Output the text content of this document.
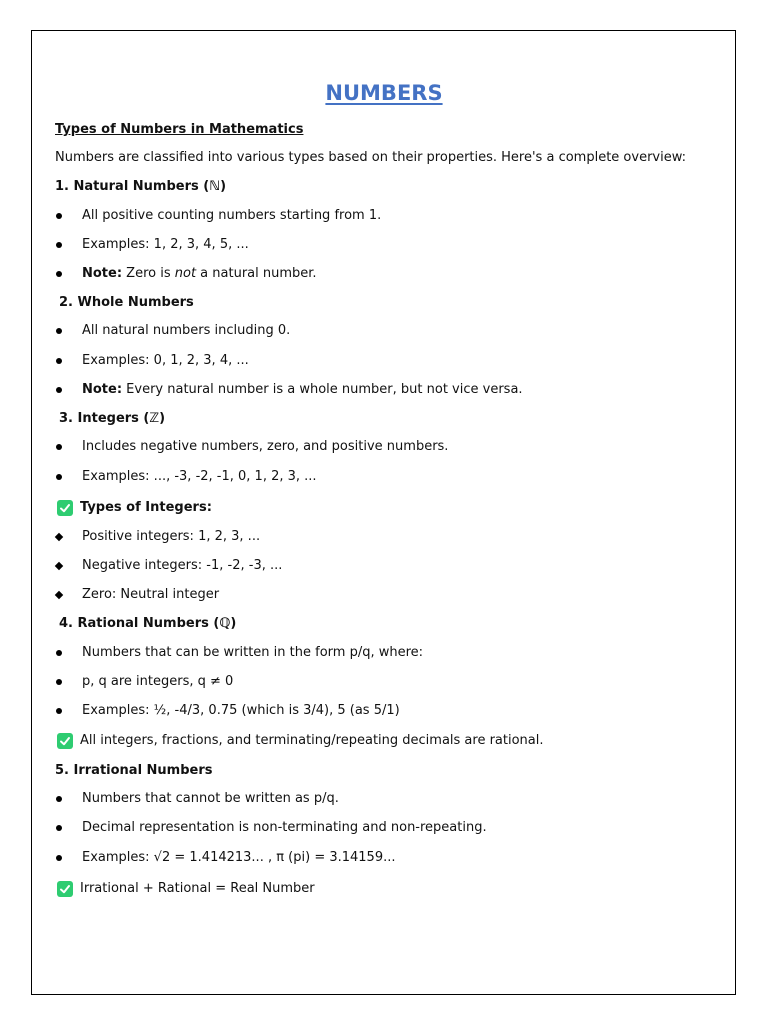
NUMBERS
Types of Numbers in Mathematics
Numbers are classified into various types based on their properties. Here's a complete overview:
1. Natural Numbers (ℕ)
All positive counting numbers starting from 1.
Examples: 1, 2, 3, 4, 5, ...
Note: Zero is not a natural number.
2. Whole Numbers
All natural numbers including 0.
Examples: 0, 1, 2, 3, 4, ...
Note: Every natural number is a whole number, but not vice versa.
3. Integers (ℤ)
Includes negative numbers, zero, and positive numbers.
Examples: ..., -3, -2, -1, 0, 1, 2, 3, ...
Types of Integers:
Positive integers: 1, 2, 3, ...
Negative integers: -1, -2, -3, ...
Zero: Neutral integer
4. Rational Numbers (ℚ)
Numbers that can be written in the form p/q, where:
p, q are integers, q ≠ 0
Examples: ½, -4/3, 0.75 (which is 3/4), 5 (as 5/1)
All integers, fractions, and terminating/repeating decimals are rational.
5. Irrational Numbers
Numbers that cannot be written as p/q.
Decimal representation is non-terminating and non-repeating.
Examples: √2 = 1.414213... , π (pi) = 3.14159...
Irrational + Rational = Real Number
